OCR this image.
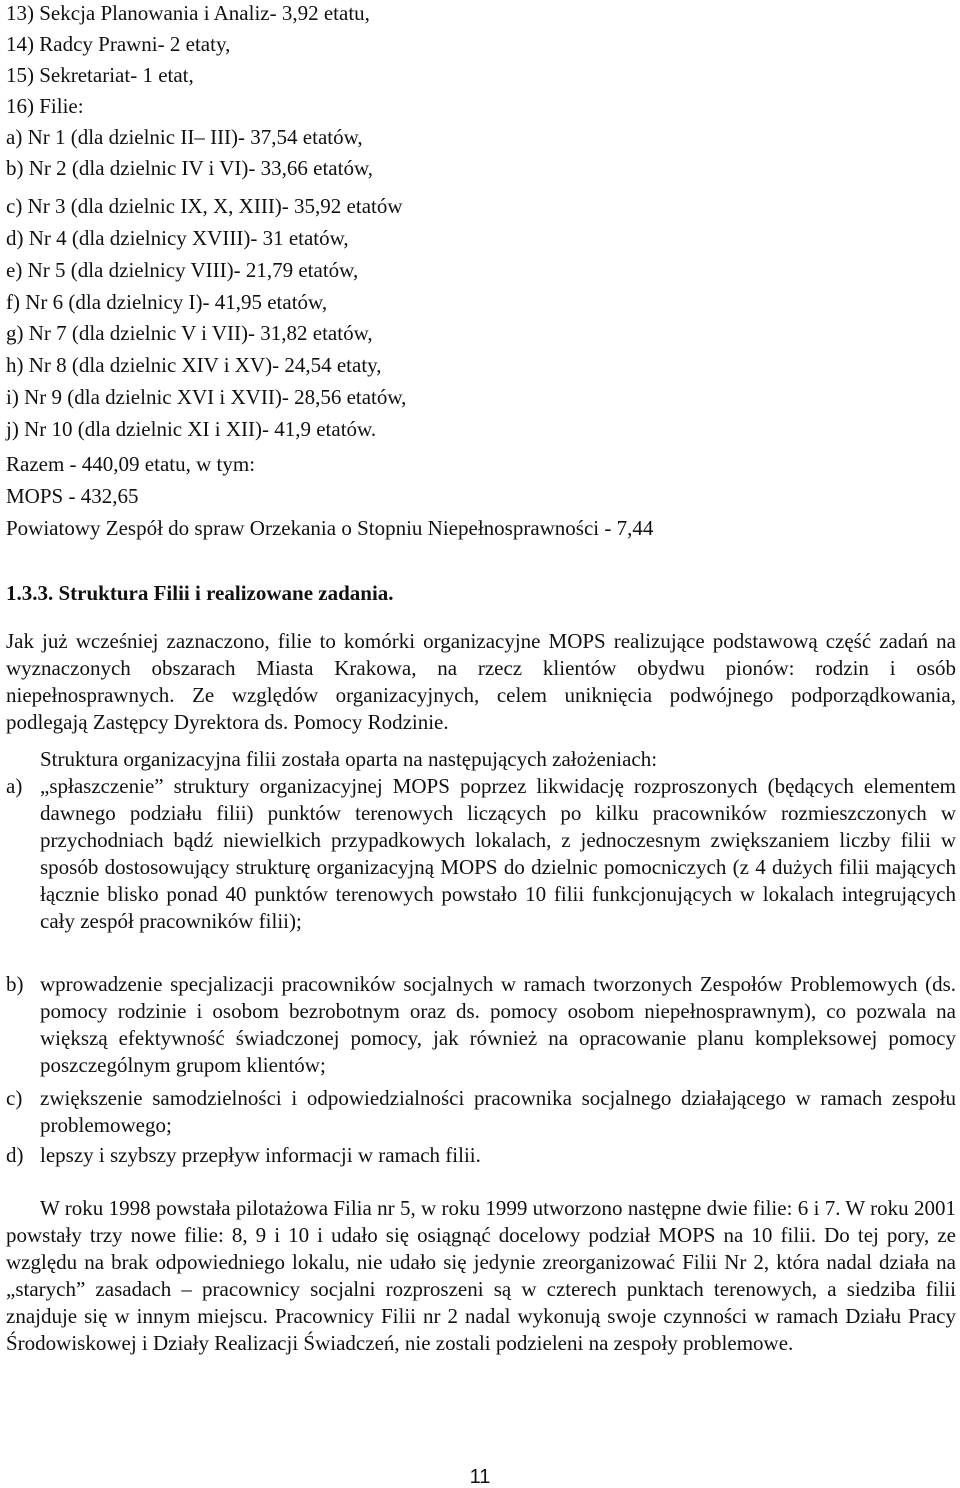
13) Sekcja Planowania i Analiz- 3,92 etatu,
14) Radcy Prawni- 2 etaty,
15) Sekretariat- 1 etat,
16) Filie:
a) Nr 1 (dla dzielnic II– III)- 37,54 etatów,
b) Nr 2 (dla dzielnic IV i VI)- 33,66 etatów,
c) Nr 3 (dla dzielnic IX, X, XIII)- 35,92 etatów
d) Nr 4 (dla dzielnicy XVIII)- 31 etatów,
e) Nr 5 (dla dzielnicy VIII)- 21,79 etatów,
f) Nr 6 (dla dzielnicy I)- 41,95 etatów,
g) Nr 7 (dla dzielnic V i VII)- 31,82 etatów,
h) Nr 8 (dla dzielnic XIV i XV)- 24,54 etaty,
i) Nr 9 (dla dzielnic XVI i XVII)- 28,56 etatów,
j) Nr 10 (dla dzielnic XI i XII)- 41,9 etatów.
Razem - 440,09 etatu, w tym:
MOPS - 432,65
Powiatowy Zespół do spraw Orzekania o Stopniu Niepełnosprawności - 7,44
1.3.3. Struktura Filii i realizowane zadania.
Jak już wcześniej zaznaczono, filie to komórki organizacyjne MOPS realizujące podstawową część zadań na wyznaczonych obszarach Miasta Krakowa, na rzecz klientów obydwu pionów: rodzin i osób niepełnosprawnych. Ze względów organizacyjnych, celem uniknięcia podwójnego podporządkowania, podlegają Zastępcy Dyrektora ds. Pomocy Rodzinie.
Struktura organizacyjna filii została oparta na następujących założeniach:
a) „spłaszczenie” struktury organizacyjnej MOPS poprzez likwidację rozproszonych (będących elementem dawnego podziału filii) punktów terenowych liczących po kilku pracowników rozmieszczonych w przychodniach bądź niewielkich przypadkowych lokalach, z jednoczesnym zwiększaniem liczby filii w sposób dostosowujący strukturę organizacyjną MOPS do dzielnic pomocniczych (z 4 dużych filii mających łącznie blisko ponad 40 punktów terenowych powstało 10 filii funkcjonujących w lokalach integrujących cały zespół pracowników filii);
b) wprowadzenie specjalizacji pracowników socjalnych w ramach tworzonych Zespołów Problemowych (ds. pomocy rodzinie i osobom bezrobotnym oraz ds. pomocy osobom niepełnosprawnym), co pozwala na większą efektywność świadczonej pomocy, jak również na opracowanie planu kompleksowej pomocy poszczególnym grupom klientów;
c) zwiększenie samodzielności i odpowiedzialności pracownika socjalnego działającego w ramach zespołu problemowego;
d) lepszy i szybszy przepływ informacji w ramach filii.
W roku 1998 powstała pilotażowa Filia nr 5, w roku 1999 utworzono następne dwie filie: 6 i 7. W roku 2001 powstały trzy nowe filie: 8, 9 i 10 i udało się osiągnąć docelowy podział MOPS na 10 filii. Do tej pory, ze względu na brak odpowiedniego lokalu, nie udało się jedynie zreorganizować Filii Nr 2, która nadal działa na „starych” zasadach – pracownicy socjalni rozproszeni są w czterech punktach terenowych, a siedziba filii znajduje się w innym miejscu. Pracownicy Filii nr 2 nadal wykonują swoje czynności w ramach Działu Pracy Środowiskowej i Działy Realizacji Świadczeń, nie zostali podzieleni na zespoły problemowe.
11
